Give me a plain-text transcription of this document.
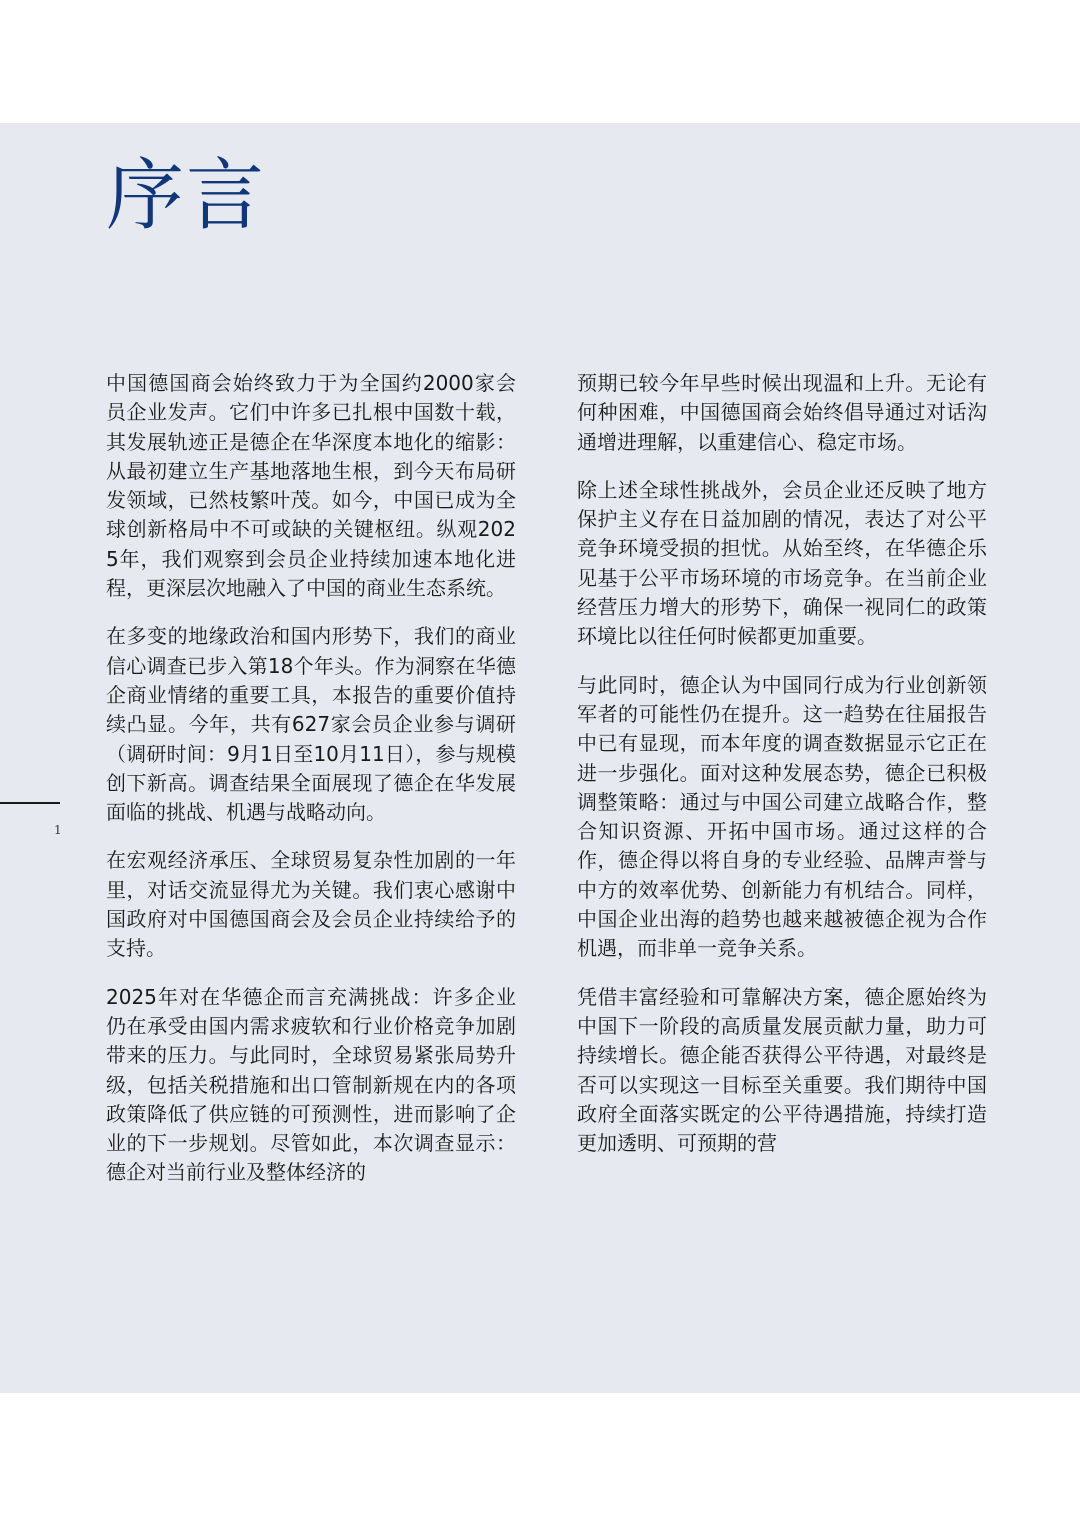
序言

中国德国商会始终致力于为全国约2000家会员企业发声。它们中许多已扎根中国数十载，其发展轨迹正是德企在华深度本地化的缩影：从最初建立生产基地落地生根，到今天布局研发领域，已然枝繁叶茂。如今，中国已成为全球创新格局中不可或缺的关键枢纽。纵观2025年，我们观察到会员企业持续加速本地化进程，更深层次地融入了中国的商业生态系统。

在多变的地缘政治和国内形势下，我们的商业信心调查已步入第18个年头。作为洞察在华德企商业情绪的重要工具，本报告的重要价值持续凸显。今年，共有627家会员企业参与调研（调研时间：9月1日至10月11日），参与规模创下新高。调查结果全面展现了德企在华发展面临的挑战、机遇与战略动向。

在宏观经济承压、全球贸易复杂性加剧的一年里，对话交流显得尤为关键。我们衷心感谢中国政府对中国德国商会及会员企业持续给予的支持。

2025年对在华德企而言充满挑战：许多企业仍在承受由国内需求疲软和行业价格竞争加剧带来的压力。与此同时，全球贸易紧张局势升级，包括关税措施和出口管制新规在内的各项政策降低了供应链的可预测性，进而影响了企业的下一步规划。尽管如此，本次调查显示：德企对当前行业及整体经济的

预期已较今年早些时候出现温和上升。无论有何种困难，中国德国商会始终倡导通过对话沟通增进理解，以重建信心、稳定市场。

除上述全球性挑战外，会员企业还反映了地方保护主义存在日益加剧的情况，表达了对公平竞争环境受损的担忧。从始至终，在华德企乐见基于公平市场环境的市场竞争。在当前企业经营压力增大的形势下，确保一视同仁的政策环境比以往任何时候都更加重要。

与此同时，德企认为中国同行成为行业创新领军者的可能性仍在提升。这一趋势在往届报告中已有显现，而本年度的调查数据显示它正在进一步强化。面对这种发展态势，德企已积极调整策略：通过与中国公司建立战略合作，整合知识资源、开拓中国市场。通过这样的合作，德企得以将自身的专业经验、品牌声誉与中方的效率优势、创新能力有机结合。同样，中国企业出海的趋势也越来越被德企视为合作机遇，而非单一竞争关系。

凭借丰富经验和可靠解决方案，德企愿始终为中国下一阶段的高质量发展贡献力量，助力可持续增长。德企能否获得公平待遇，对最终是否可以实现这一目标至关重要。我们期待中国政府全面落实既定的公平待遇措施，持续打造更加透明、可预期的营

1
